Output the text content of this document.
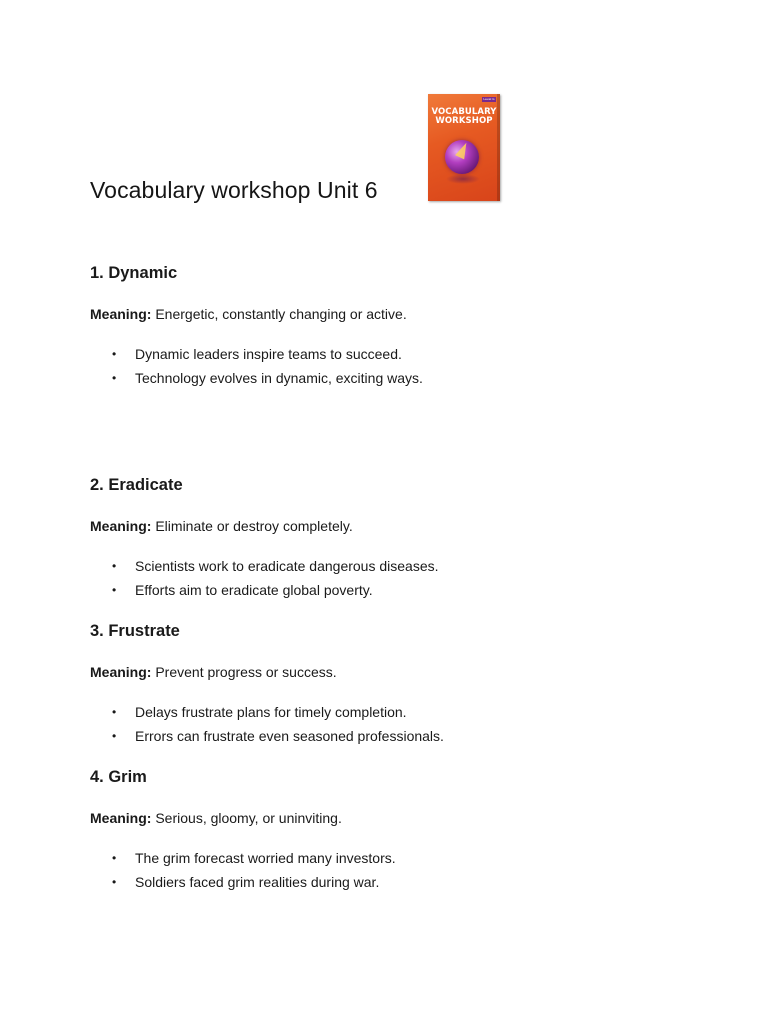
Vocabulary workshop Unit 6
Level G
VOCABULARY
WORKSHOP
1. Dynamic
Meaning: Energetic, constantly changing or active.
• Dynamic leaders inspire teams to succeed.
• Technology evolves in dynamic, exciting ways.
2. Eradicate
Meaning: Eliminate or destroy completely.
• Scientists work to eradicate dangerous diseases.
• Efforts aim to eradicate global poverty.
3. Frustrate
Meaning: Prevent progress or success.
• Delays frustrate plans for timely completion.
• Errors can frustrate even seasoned professionals.
4. Grim
Meaning: Serious, gloomy, or uninviting.
• The grim forecast worried many investors.
• Soldiers faced grim realities during war.
